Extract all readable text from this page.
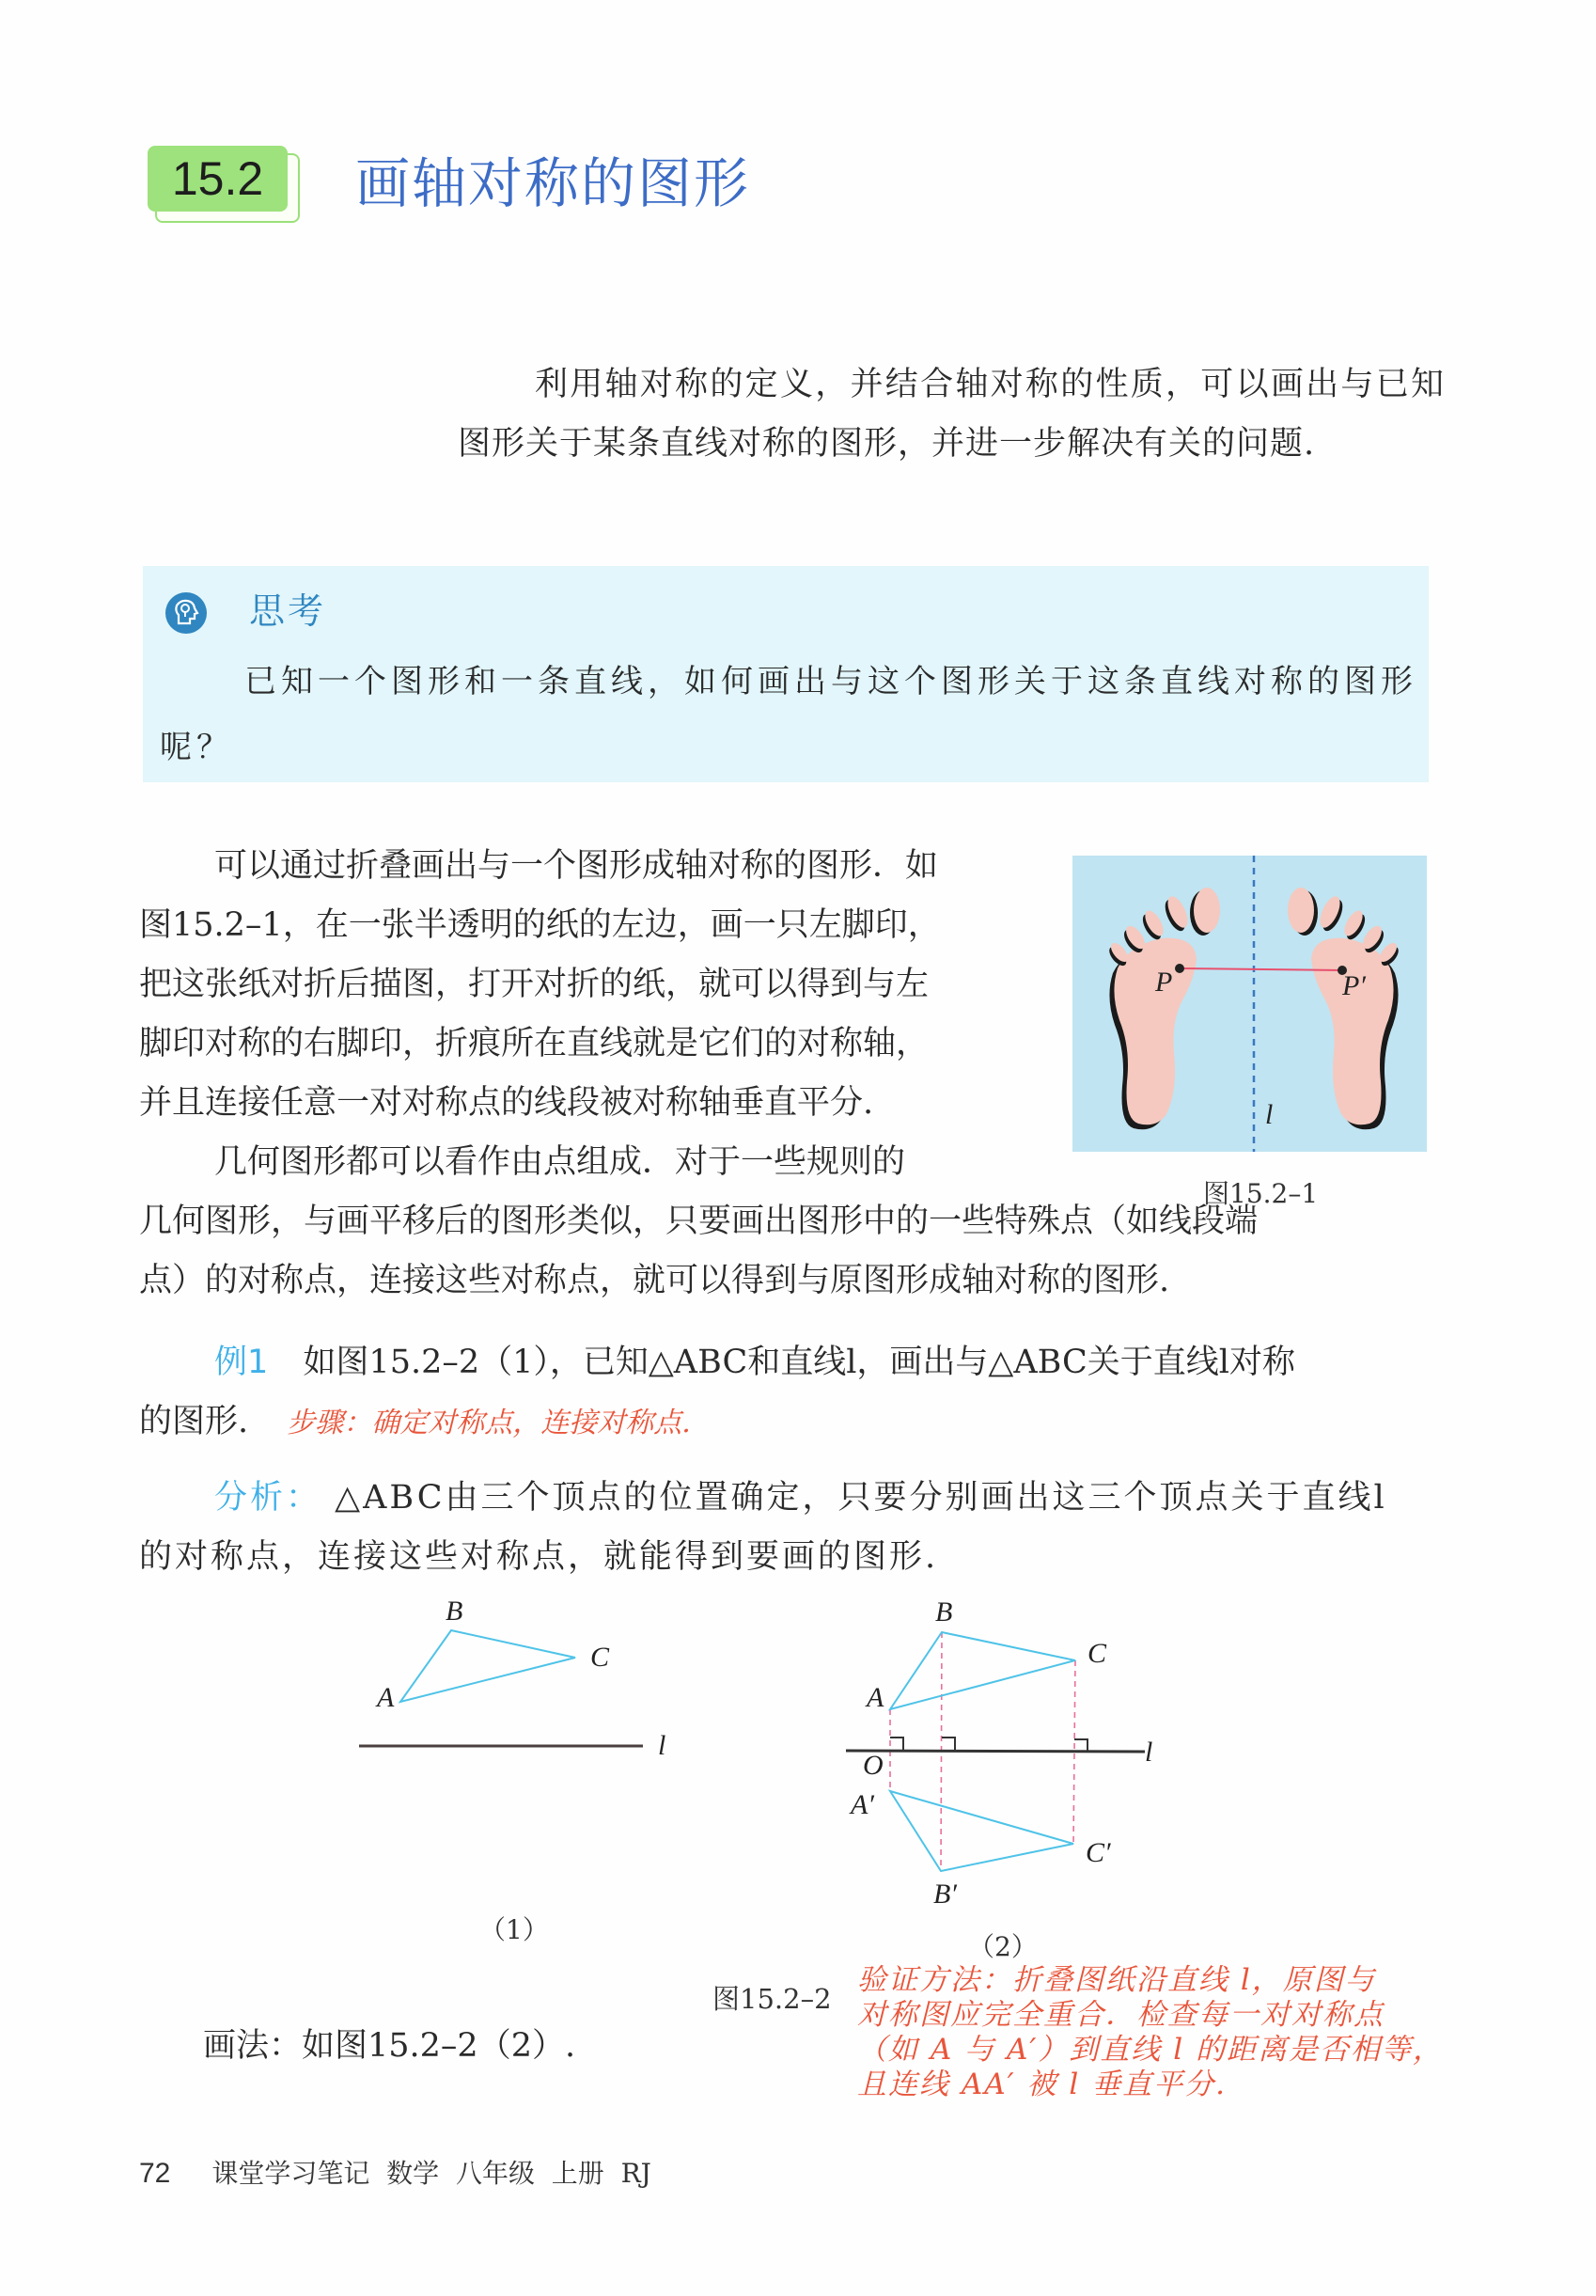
15.2 画轴对称的图形
利用轴对称的定义，并结合轴对称的性质，可以画出与已知图形关于某条直线对称的图形，并进一步解决有关的问题.
思考
已知一个图形和一条直线，如何画出与这个图形关于这条直线对称的图形呢？
可以通过折叠画出与一个图形成轴对称的图形．如
图15.2–1，在一张半透明的纸的左边，画一只左脚印，
把这张纸对折后描图，打开对折的纸，就可以得到与左
脚印对称的右脚印，折痕所在直线就是它们的对称轴，
并且连接任意一对对称点的线段被对称轴垂直平分.
几何图形都可以看作由点组成．对于一些规则的
P	P′
l
图15.2–1
几何图形，与画平移后的图形类似，只要画出图形中的一些特殊点（如线段端
点）的对称点，连接这些对称点，就可以得到与原图形成轴对称的图形.
例1 如图15.2–2（1），已知△ABC和直线l，画出与△ABC关于直线l对称
的图形. 步骤：确定对称点，连接对称点.
分析： △ABC由三个顶点的位置确定，只要分别画出这三个顶点关于直线l
的对称点，连接这些对称点，就能得到要画的图形.
B
C
A
l
（1）
B
C
A
O	l
A′
C′
B′
（2）
图15.2–2
画法：如图15.2–2（2）.
验证方法：折叠图纸沿直线 l，原图与
对称图应完全重合．检查每一对对称点
（如 A 与 A′）到直线 l 的距离是否相等，
且连线 AA′ 被 l 垂直平分.
72 课堂学习笔记  数学  八年级  上册  RJ
